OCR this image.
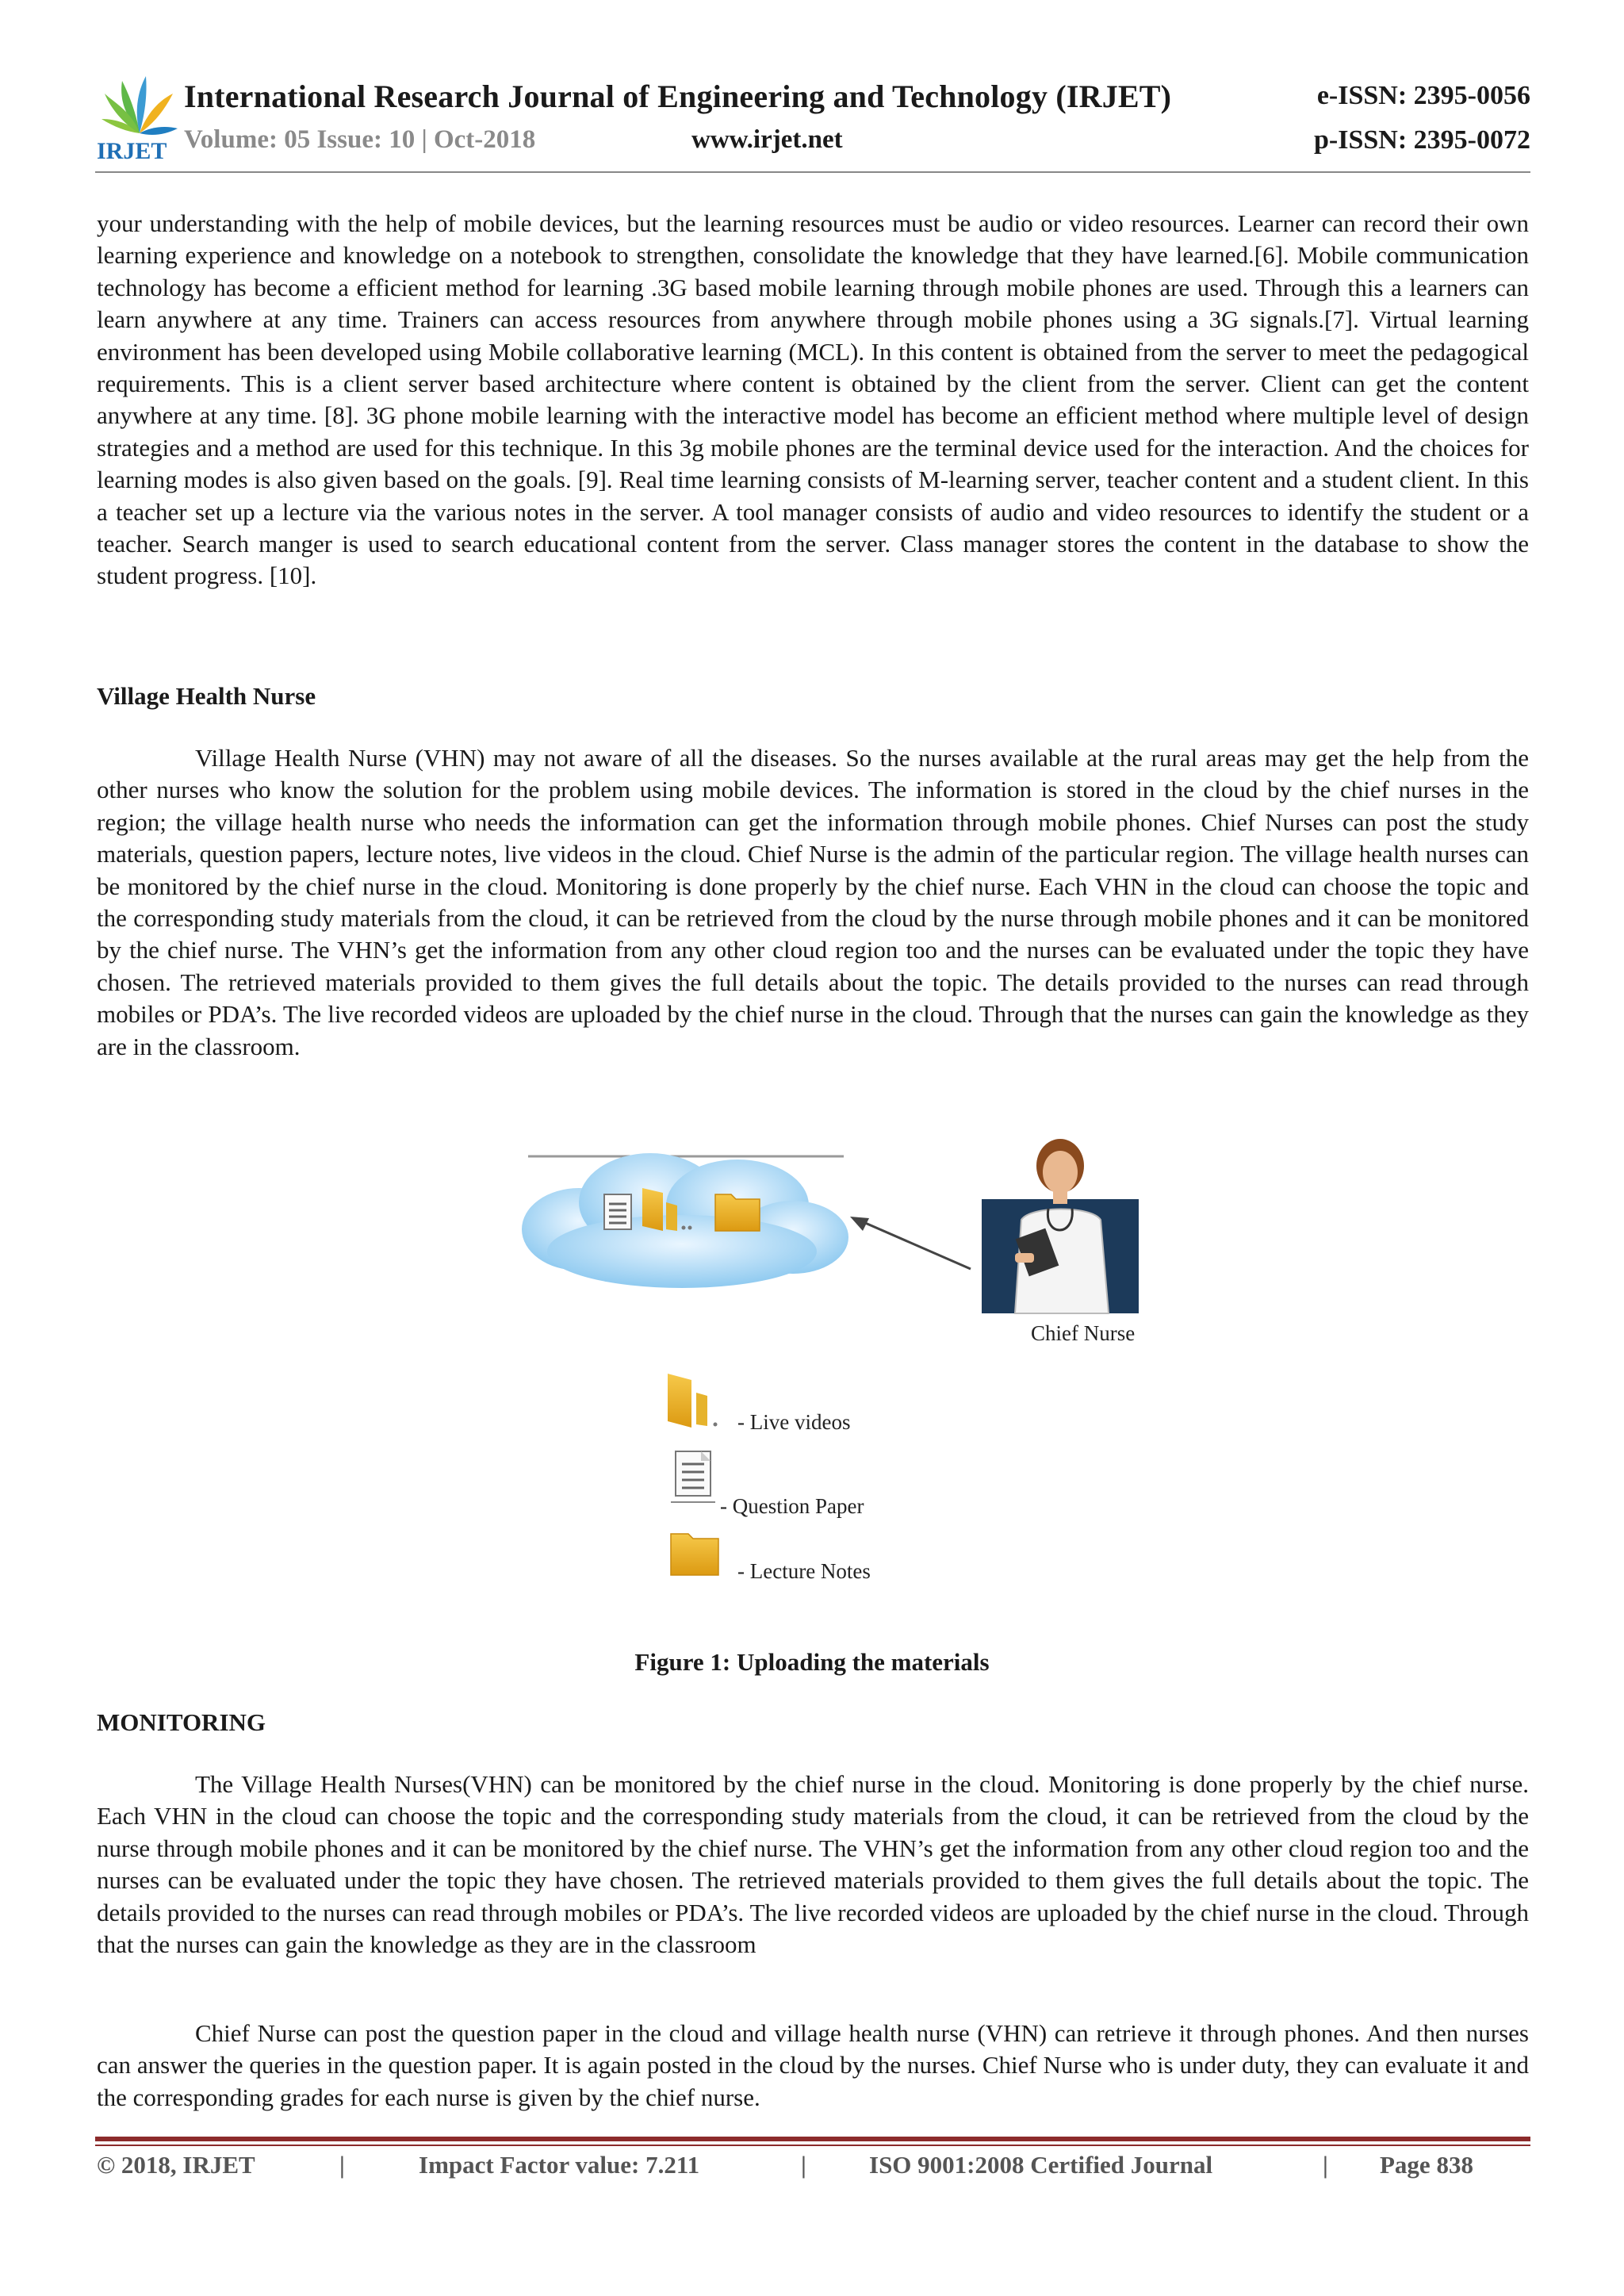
IRJET
International Research Journal of Engineering and Technology (IRJET)	e-ISSN: 2395-0056
Volume: 05 Issue: 10 | Oct-2018	www.irjet.net	p-ISSN: 2395-0072

your understanding with the help of mobile devices, but the learning resources must be audio or video resources. Learner can record their own learning experience and knowledge on a notebook to strengthen, consolidate the knowledge that they have learned.[6]. Mobile communication technology has become a efficient method for learning .3G based mobile learning through mobile phones are used. Through this a learners can learn anywhere at any time. Trainers can access resources from anywhere through mobile phones using a 3G signals.[7]. Virtual learning environment has been developed using Mobile collaborative learning (MCL). In this content is obtained from the server to meet the pedagogical requirements. This is a client server based architecture where content is obtained by the client from the server. Client can get the content anywhere at any time. [8]. 3G phone mobile learning with the interactive model has become an efficient method where multiple level of design strategies and a method are used for this technique. In this 3g mobile phones are the terminal device used for the interaction. And the choices for learning modes is also given based on the goals. [9]. Real time learning consists of M-learning server, teacher content and a student client. In this a teacher set up a lecture via the various notes in the server. A tool manager consists of audio and video resources to identify the student or a teacher. Search manger is used to search educational content from the server. Class manager stores the content in the database to show the student progress. [10].

Village Health Nurse

Village Health Nurse (VHN) may not aware of all the diseases. So the nurses available at the rural areas may get the help from the other nurses who know the solution for the problem using mobile devices. The information is stored in the cloud by the chief nurses in the region; the village health nurse who needs the information can get the information through mobile phones. Chief Nurses can post the study materials, question papers, lecture notes, live videos in the cloud. Chief Nurse is the admin of the particular region. The village health nurses can be monitored by the chief nurse in the cloud. Monitoring is done properly by the chief nurse. Each VHN in the cloud can choose the topic and the corresponding study materials from the cloud, it can be retrieved from the cloud by the nurse through mobile phones and it can be monitored by the chief nurse. The VHN’s get the information from any other cloud region too and the nurses can be evaluated under the topic they have chosen. The retrieved materials provided to them gives the full details about the topic. The details provided to the nurses can read through mobiles or PDA’s. The live recorded videos are uploaded by the chief nurse in the cloud. Through that the nurses can gain the knowledge as they are in the classroom.

Chief Nurse
- Live videos
- Question Paper
- Lecture Notes
Figure 1: Uploading the materials

MONITORING

The Village Health Nurses(VHN) can be monitored by the chief nurse in the cloud. Monitoring is done properly by the chief nurse. Each VHN in the cloud can choose the topic and the corresponding study materials from the cloud, it can be retrieved from the cloud by the nurse through mobile phones and it can be monitored by the chief nurse. The VHN’s get the information from any other cloud region too and the nurses can be evaluated under the topic they have chosen. The retrieved materials provided to them gives the full details about the topic. The details provided to the nurses can read through mobiles or PDA’s. The live recorded videos are uploaded by the chief nurse in the cloud. Through that the nurses can gain the knowledge as they are in the classroom

Chief Nurse can post the question paper in the cloud and village health nurse (VHN) can retrieve it through phones. And then nurses can answer the queries in the question paper. It is again posted in the cloud by the nurses. Chief Nurse who is under duty, they can evaluate it and the corresponding grades for each nurse is given by the chief nurse.

© 2018, IRJET	|	Impact Factor value: 7.211	|	ISO 9001:2008 Certified Journal	| Page 838
